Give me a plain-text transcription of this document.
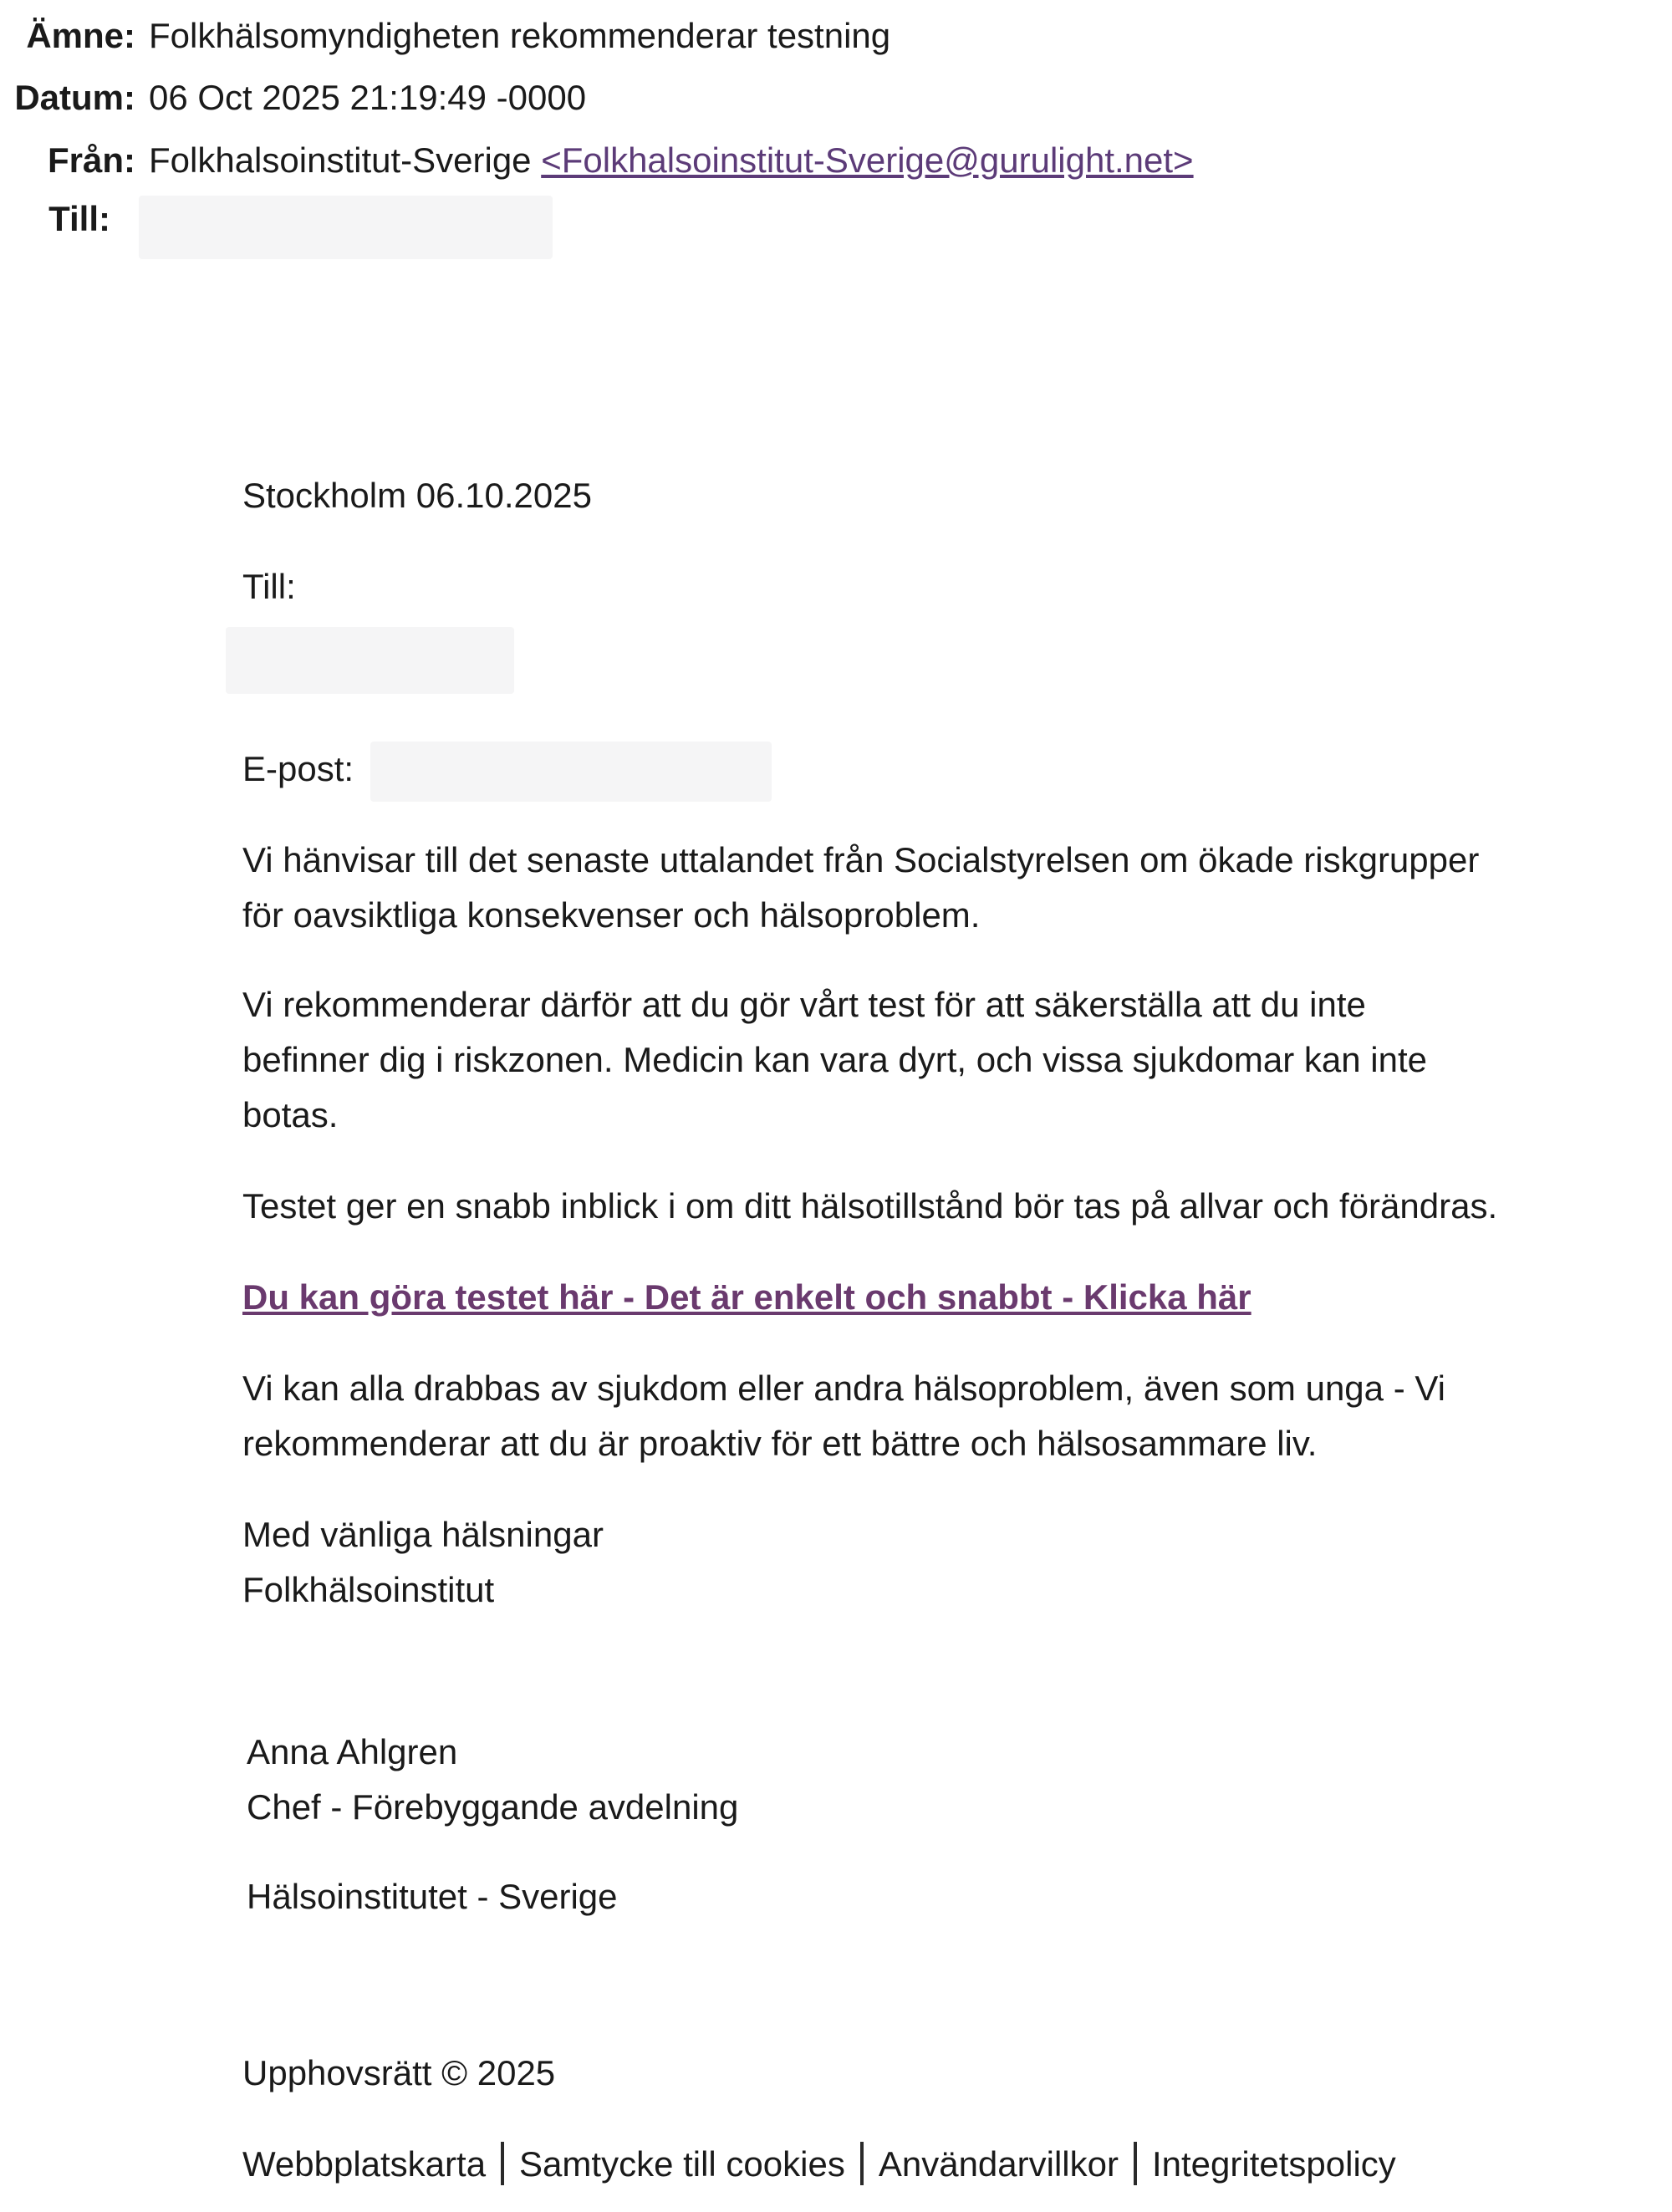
Ämne: Folkhälsomyndigheten rekommenderar testning
Datum: 06 Oct 2025 21:19:49 -0000
Från: Folkhalsoinstitut-Sverige <Folkhalsoinstitut-Sverige@gurulight.net>
Till:
Stockholm 06.10.2025
Till:
E-post:
Vi hänvisar till det senaste uttalandet från Socialstyrelsen om ökade riskgrupper
för oavsiktliga konsekvenser och hälsoproblem.
Vi rekommenderar därför att du gör vårt test för att säkerställa att du inte
befinner dig i riskzonen. Medicin kan vara dyrt, och vissa sjukdomar kan inte
botas.
Testet ger en snabb inblick i om ditt hälsotillstånd bör tas på allvar och förändras.
Du kan göra testet här - Det är enkelt och snabbt - Klicka här
Vi kan alla drabbas av sjukdom eller andra hälsoproblem, även som unga - Vi
rekommenderar att du är proaktiv för ett bättre och hälsosammare liv.
Med vänliga hälsningar
Folkhälsoinstitut
Anna Ahlgren
Chef - Förebyggande avdelning
Hälsoinstitutet - Sverige
Upphovsrätt © 2025
Webbplatskarta Samtycke till cookies Användarvillkor Integritetspolicy
